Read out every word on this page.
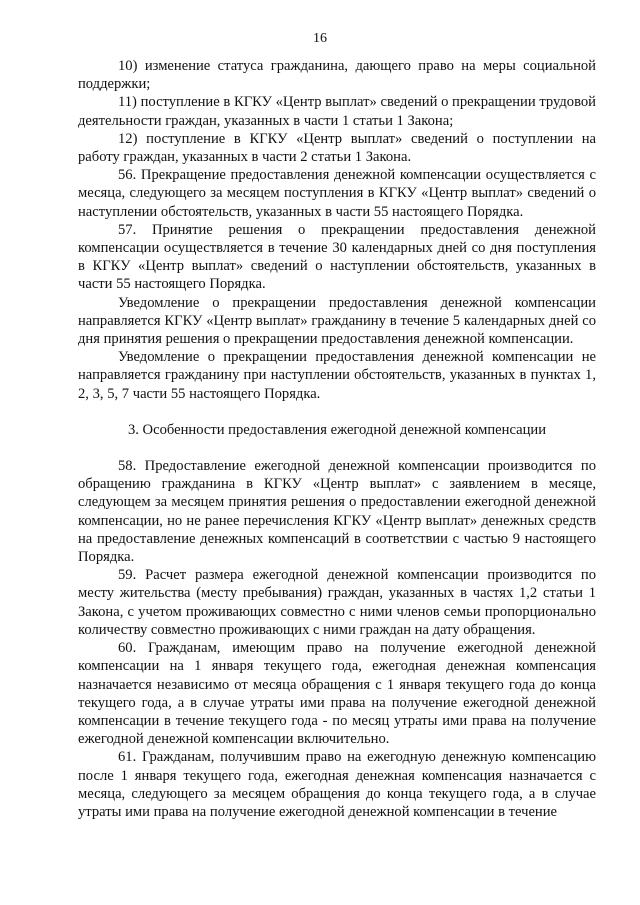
16

10) изменение статуса гражданина, дающего право на меры социальной поддержки;

11) поступление в КГКУ «Центр выплат» сведений о прекращении трудовой деятельности граждан, указанных в части 1 статьи 1 Закона;

12) поступление в КГКУ «Центр выплат» сведений о поступлении на работу граждан, указанных в части 2 статьи 1 Закона.

56. Прекращение предоставления денежной компенсации осуществляется с месяца, следующего за месяцем поступления в КГКУ «Центр выплат» сведений о наступлении обстоятельств, указанных в части 55 настоящего Порядка.

57. Принятие решения о прекращении предоставления денежной компенсации осуществляется в течение 30 календарных дней со дня поступления в КГКУ «Центр выплат» сведений о наступлении обстоятельств, указанных в части 55 настоящего Порядка.

Уведомление о прекращении предоставления денежной компенсации направляется КГКУ «Центр выплат» гражданину в течение 5 календарных дней со дня принятия решения о прекращении предоставления денежной компенсации.

Уведомление о прекращении предоставления денежной компенсации не направляется гражданину при наступлении обстоятельств, указанных в пунктах 1, 2, 3, 5, 7 части 55 настоящего Порядка.

3. Особенности предоставления ежегодной денежной компенсации

58. Предоставление ежегодной денежной компенсации производится по обращению гражданина в КГКУ «Центр выплат» с заявлением в месяце, следующем за месяцем принятия решения о предоставлении ежегодной денежной компенсации, но не ранее перечисления КГКУ «Центр выплат» денежных средств на предоставление денежных компенсаций в соответствии с частью 9 настоящего Порядка.

59. Расчет размера ежегодной денежной компенсации производится по месту жительства (месту пребывания) граждан, указанных в частях 1,2 статьи 1 Закона, с учетом проживающих совместно с ними членов семьи пропорционально количеству совместно проживающих с ними граждан на дату обращения.

60. Гражданам, имеющим право на получение ежегодной денежной компенсации на 1 января текущего года, ежегодная денежная компенсация назначается независимо от месяца обращения с 1 января текущего года до конца текущего года, а в случае утраты ими права на получение ежегодной денежной компенсации в течение текущего года - по месяц утраты ими права на получение ежегодной денежной компенсации включительно.

61. Гражданам, получившим право на ежегодную денежную компенсацию после 1 января текущего года, ежегодная денежная компенсация назначается с месяца, следующего за месяцем обращения до конца текущего года, а в случае утраты ими права на получение ежегодной денежной компенсации в течение
